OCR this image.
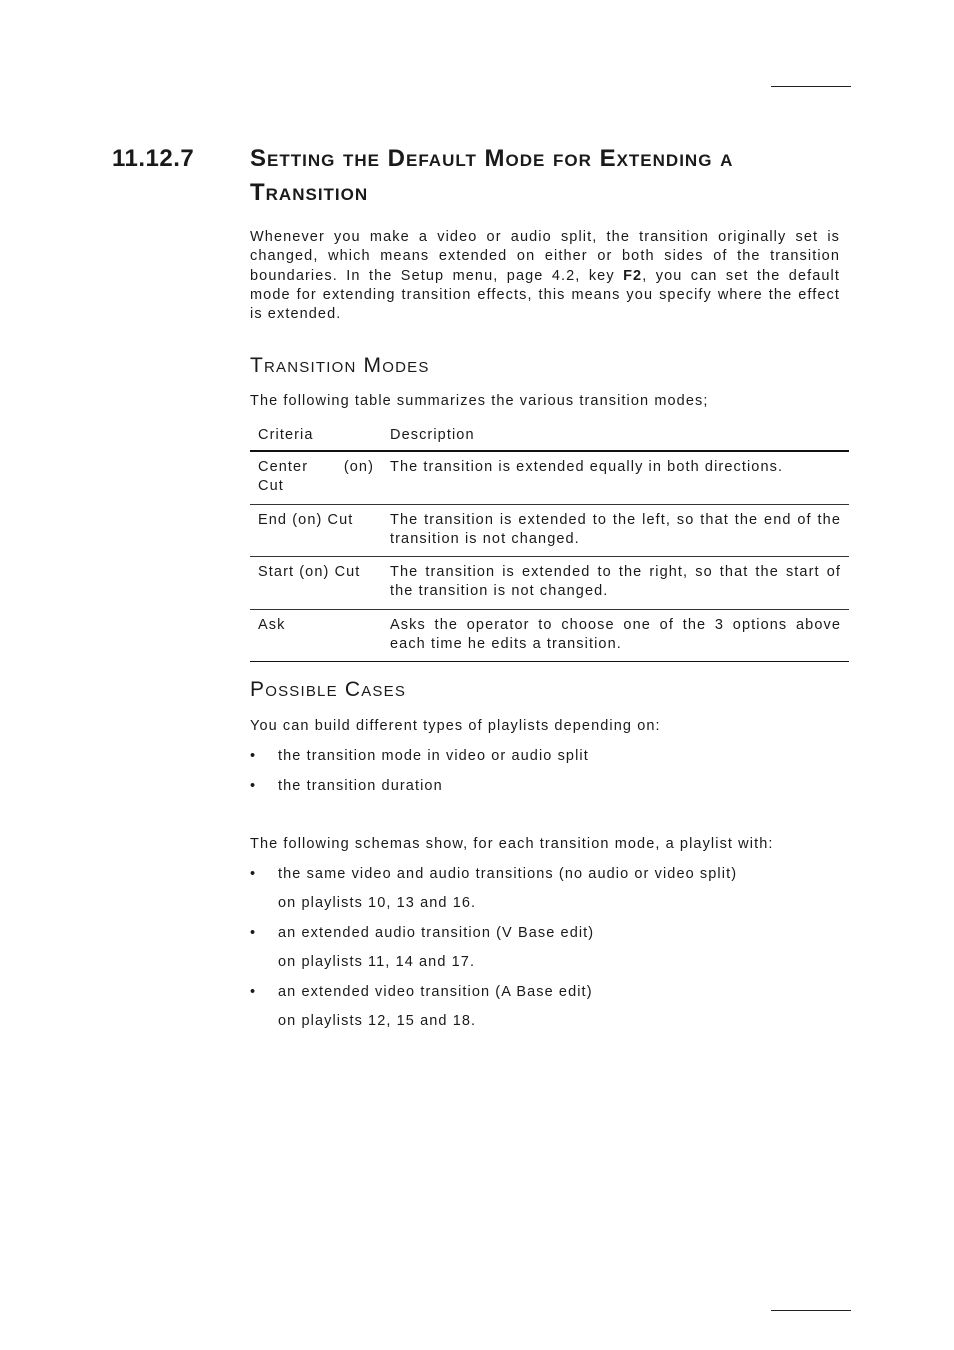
11.12.7 Setting the Default Mode for Extending a
Transition
Whenever you make a video or audio split, the transition originally set is changed, which means extended on either or both sides of the transition boundaries. In the Setup menu, page 4.2, key F2, you can set the default mode for extending transition effects, this means you specify where the effect is extended.
Transition Modes
The following table summarizes the various transition modes;
Criteria	Description

Center (on)
Cut	The transition is extended equally in both directions.
End (on) Cut	The transition is extended to the left, so that the end of the transition is not changed.
Start (on) Cut	The transition is extended to the right, so that the start of the transition is not changed.
Ask	Asks the operator to choose one of the 3 options above each time he edits a transition.
Possible Cases
You can build different types of playlists depending on:
• the transition mode in video or audio split
• the transition duration
The following schemas show, for each transition mode, a playlist with:
• the same video and audio transitions (no audio or video split)
on playlists 10, 13 and 16.
• an extended audio transition (V Base edit)
on playlists 11, 14 and 17.
• an extended video transition (A Base edit)
on playlists 12, 15 and 18.
